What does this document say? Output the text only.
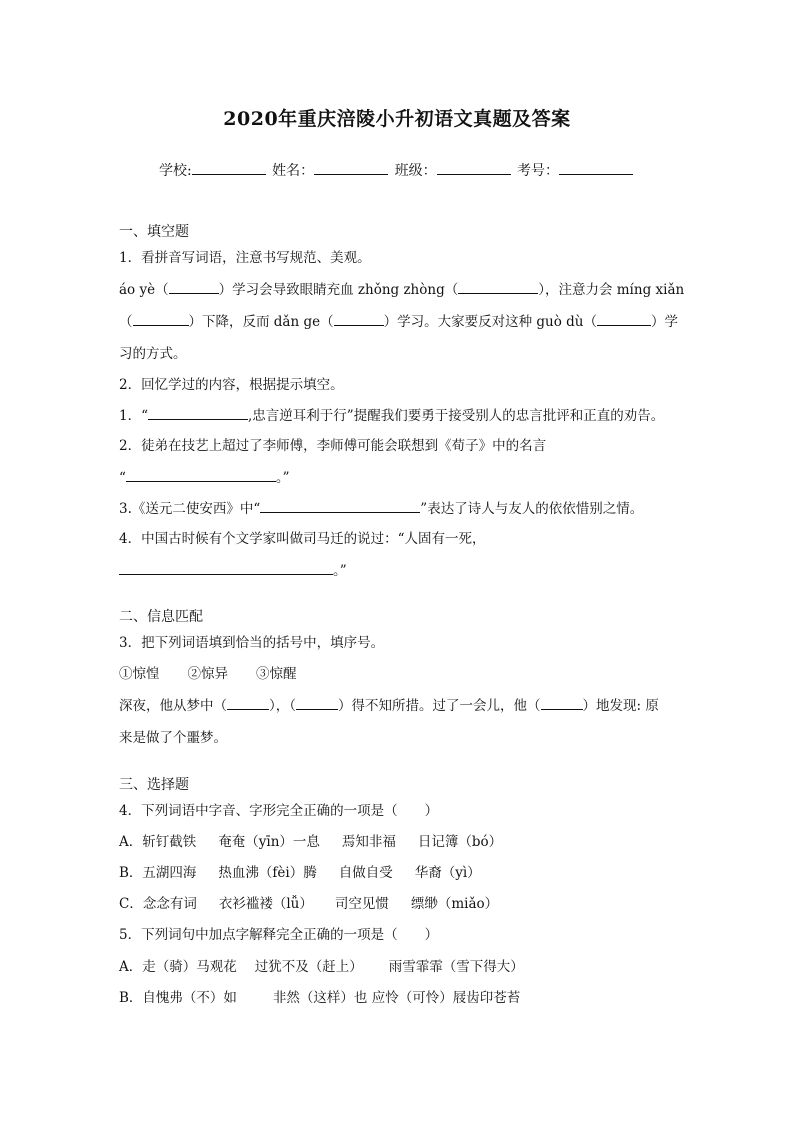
2020年重庆涪陵小升初语文真题及答案
学校:	姓名：	班级：	考号：
一、填空题
1．看拼音写词语，注意书写规范、美观。
áo yè（	）学习会导致眼睛充血 zhǒng zhòng（	），注意力会 míng xiǎn
（	）下降，反而 dǎn ge（	）学习。大家要反对这种 guò dù（	）学
习的方式。
2．回忆学过的内容，根据提示填空。
1．“	,忠言逆耳利于行”提醒我们要勇于接受别人的忠言批评和正直的劝告。
2．徒弟在技艺上超过了李师傅，李师傅可能会联想到《荀子》中的名言
“	。”
3.《送元二使安西》中“	”表达了诗人与友人的依依惜别之情。
4．中国古时候有个文学家叫做司马迁的说过：“人固有一死，
。”
二、信息匹配
3．把下列词语填到恰当的括号中，填序号。
①惊惶 ②惊异 ③惊醒
深夜，他从梦中（	），（	）得不知所措。过了一会儿，他（	）地发现: 原
来是做了个噩梦。
三、选择题
4．下列词语中字音、字形完全正确的一项是（　　）
A．斩钉截铁 奄奄（yīn）一息 焉知非福 日记簿（bó）
B．五湖四海 热血沸（fèi）腾 自做自受 华裔（yì）
C．念念有词 衣衫褴褛（lǚ） 司空见惯 缥缈（miǎo）
5．下列词句中加点字解释完全正确的一项是（　　）
A．走（骑）马观花 过犹不及（赶上） 雨雪霏霏（雪下得大）
B．自愧弗（不）如	非然（这样）也 应怜（可怜）屐齿印苍苔
